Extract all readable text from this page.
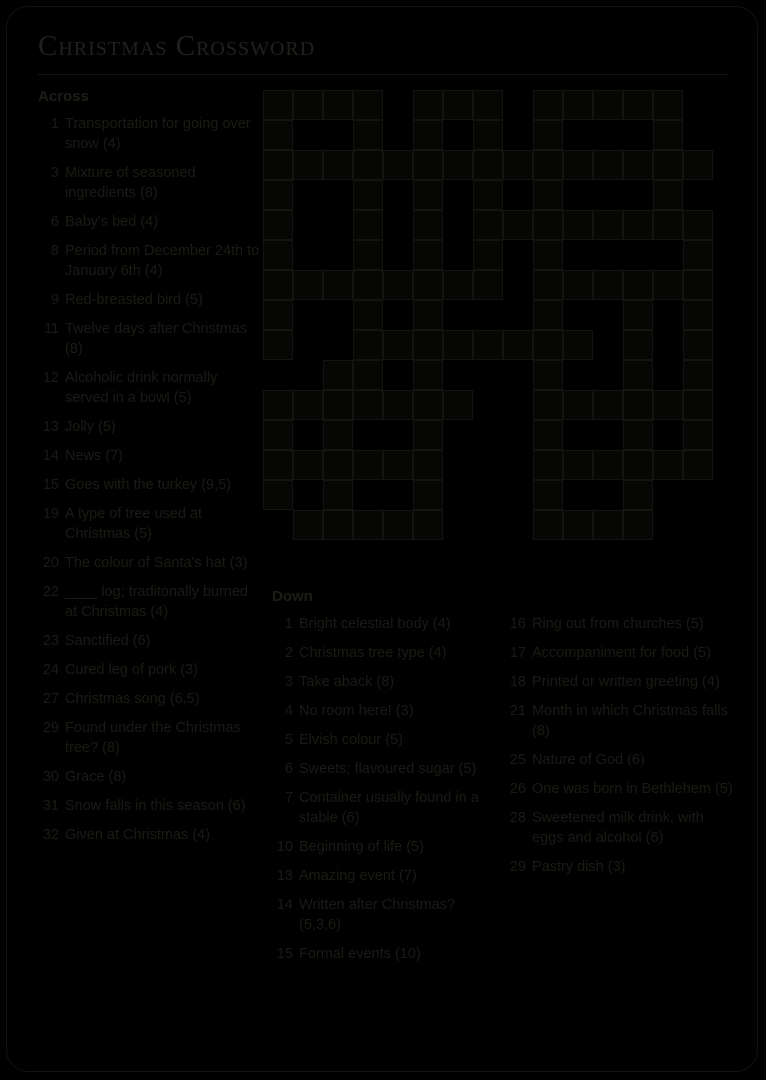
Christmas Crossword
Across
1 Transportation for going over snow (4)
3 Mixture of seasoned ingredients (8)
6 Baby's bed (4)
8 Period from December 24th to January 6th (4)
9 Red-breasted bird (5)
11 Twelve days after Christmas (8)
12 Alcoholic drink normally served in a bowl (5)
13 Jolly (5)
14 News (7)
15 Goes with the turkey (9,5)
19 A type of tree used at Christmas (5)
20 The colour of Santa's hat (3)
22 ____ log; traditonally burned at Christmas (4)
23 Sanctified (6)
24 Cured leg of pork (3)
27 Christmas song (6,5)
29 Found under the Christmas tree? (8)
30 Grace (8)
31 Snow falls in this season (6)
32 Given at Christmas (4)
Down
1 Bright celestial body (4)
2 Christmas tree type (4)
3 Take aback (8)
4 No room here! (3)
5 Elvish colour (5)
6 Sweets; flavoured sugar (5)
7 Container usually found in a stable (6)
10 Beginning of life (5)
13 Amazing event (7)
14 Written after Christmas? (5,3,6)
15 Formal events (10)

16 Ring out from churches (5)
17 Accompaniment for food (5)
18 Printed or written greeting (4)
21 Month in which Christmas falls (8)
25 Nature of God (6)
26 One was born in Bethlehem (5)
28 Sweetened milk drink, with eggs and alcohol (6)
29 Pastry dish (3)
